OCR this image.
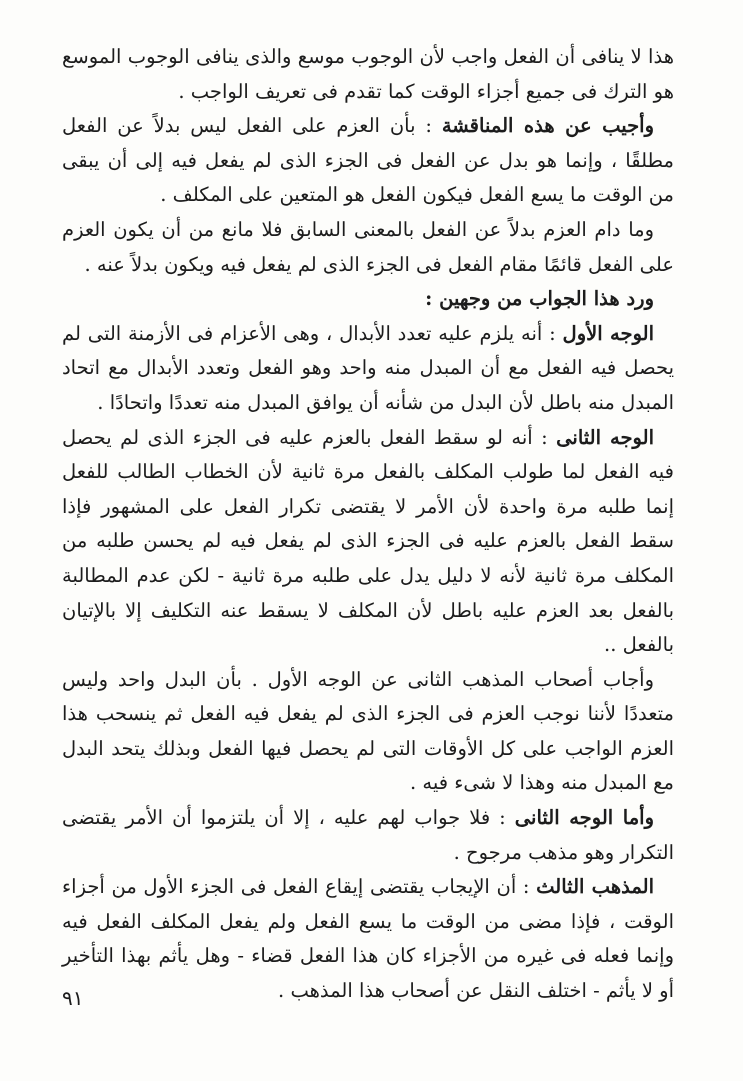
هذا لا ينافى أن الفعل واجب لأن الوجوب موسع والذى ينافى الوجوب الموسع هو الترك فى جميع أجزاء الوقت كما تقدم فى تعريف الواجب .

وأجيب عن هذه المناقشة : بأن العزم على الفعل ليس بدلاً عن الفعل مطلقًا ، وإنما هو بدل عن الفعل فى الجزء الذى لم يفعل فيه إلى أن يبقى من الوقت ما يسع الفعل فيكون الفعل هو المتعين على المكلف .

وما دام العزم بدلاً عن الفعل بالمعنى السابق فلا مانع من أن يكون العزم على الفعل قائمًا مقام الفعل فى الجزء الذى لم يفعل فيه ويكون بدلاً عنه .

ورد هذا الجواب من وجهين :

الوجه الأول : أنه يلزم عليه تعدد الأبدال ، وهى الأعزام فى الأزمنة التى لم يحصل فيه الفعل مع أن المبدل منه واحد وهو الفعل وتعدد الأبدال مع اتحاد المبدل منه باطل لأن البدل من شأنه أن يوافق المبدل منه تعددًا واتحادًا .

الوجه الثانى : أنه لو سقط الفعل بالعزم عليه فى الجزء الذى لم يحصل فيه الفعل لما طولب المكلف بالفعل مرة ثانية لأن الخطاب الطالب للفعل إنما طلبه مرة واحدة لأن الأمر لا يقتضى تكرار الفعل على المشهور فإذا سقط الفعل بالعزم عليه فى الجزء الذى لم يفعل فيه لم يحسن طلبه من المكلف مرة ثانية لأنه لا دليل يدل على طلبه مرة ثانية - لكن عدم المطالبة بالفعل بعد العزم عليه باطل لأن المكلف لا يسقط عنه التكليف إلا بالإتيان بالفعل ..

وأجاب أصحاب المذهب الثانى عن الوجه الأول . بأن البدل واحد وليس متعددًا لأننا نوجب العزم فى الجزء الذى لم يفعل فيه الفعل ثم ينسحب هذا العزم الواجب على كل الأوقات التى لم يحصل فيها الفعل وبذلك يتحد البدل مع المبدل منه وهذا لا شىء فيه .

وأما الوجه الثانى : فلا جواب لهم عليه ، إلا أن يلتزموا أن الأمر يقتضى التكرار وهو مذهب مرجوح .

المذهب الثالث : أن الإيجاب يقتضى إيقاع الفعل فى الجزء الأول من أجزاء الوقت ، فإذا مضى من الوقت ما يسع الفعل ولم يفعل المكلف الفعل فيه وإنما فعله فى غيره من الأجزاء كان هذا الفعل قضاء - وهل يأثم بهذا التأخير أو لا يأثم - اختلف النقل عن أصحاب هذا المذهب .

٩١
